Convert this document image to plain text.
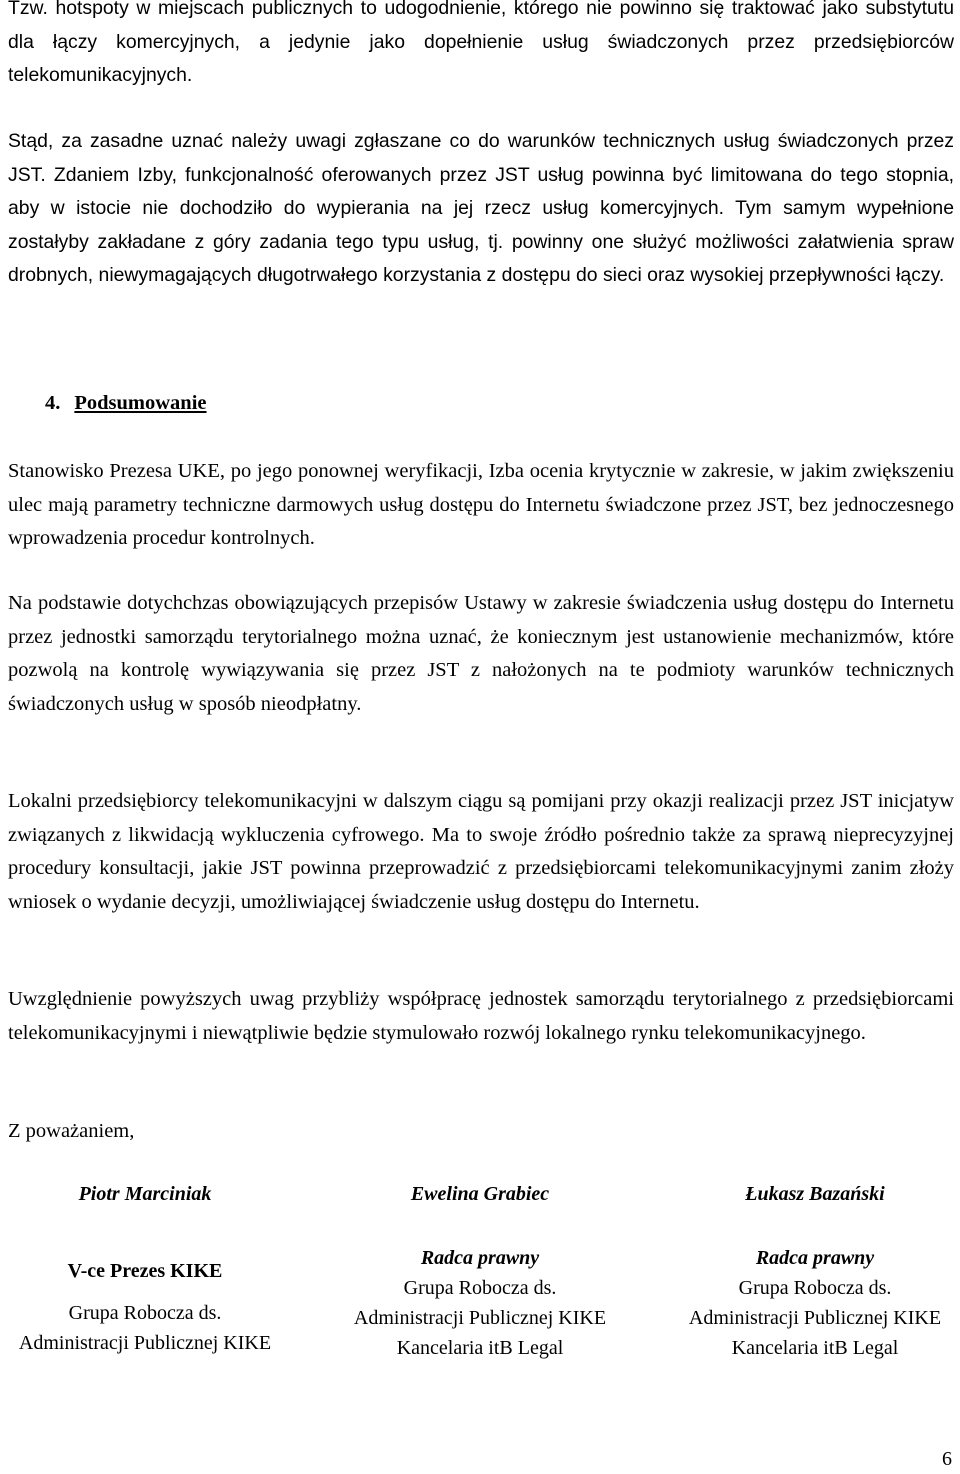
Tzw. hotspoty w miejscach publicznych to udogodnienie, którego nie powinno się traktować jako substytutu dla łączy komercyjnych, a jedynie jako dopełnienie usług świadczonych przez przedsiębiorców telekomunikacyjnych.

Stąd, za zasadne uznać należy uwagi zgłaszane co do warunków technicznych usług świadczonych przez JST. Zdaniem Izby, funkcjonalność oferowanych przez JST usług powinna być limitowana do tego stopnia, aby w istocie nie dochodziło do wypierania na jej rzecz usług komercyjnych. Tym samym wypełnione zostałyby zakładane z góry zadania tego typu usług, tj. powinny one służyć możliwości załatwienia spraw drobnych, niewymagających długotrwałego korzystania z dostępu do sieci oraz wysokiej przepływności łączy.

4. Podsumowanie

Stanowisko Prezesa UKE, po jego ponownej weryfikacji, Izba ocenia krytycznie w zakresie, w jakim zwiększeniu ulec mają parametry techniczne darmowych usług dostępu do Internetu świadczone przez JST, bez jednoczesnego wprowadzenia procedur kontrolnych.

Na podstawie dotychchzas obowiązujących przepisów Ustawy w zakresie świadczenia usług dostępu do Internetu przez jednostki samorządu terytorialnego można uznać, że koniecznym jest ustanowienie mechanizmów, które pozwolą na kontrolę wywiązywania się przez JST z nałożonych na te podmioty warunków technicznych świadczonych usług w sposób nieodpłatny.

Lokalni przedsiębiorcy telekomunikacyjni w dalszym ciągu są pomijani przy okazji realizacji przez JST inicjatyw związanych z likwidacją wykluczenia cyfrowego. Ma to swoje źródło pośrednio także za sprawą nieprecyzyjnej procedury konsultacji, jakie JST powinna przeprowadzić z przedsiębiorcami telekomunikacyjnymi zanim złoży wniosek o wydanie decyzji, umożliwiającej świadczenie usług dostępu do Internetu.

Uwzględnienie powyższych uwag przybliży współpracę jednostek samorządu terytorialnego z przedsiębiorcami telekomunikacyjnymi i niewątpliwie będzie stymulowało rozwój lokalnego rynku telekomunikacyjnego.

Z poważaniem,

Piotr Marciniak
V-ce Prezes KIKE
Grupa Robocza ds.
Administracji Publicznej KIKE
Ewelina Grabiec
Radca prawny
Grupa Robocza ds.
Administracji Publicznej KIKE
Kancelaria itB Legal
Łukasz Bazański
Radca prawny
Grupa Robocza ds.
Administracji Publicznej KIKE
Kancelaria itB Legal
6
